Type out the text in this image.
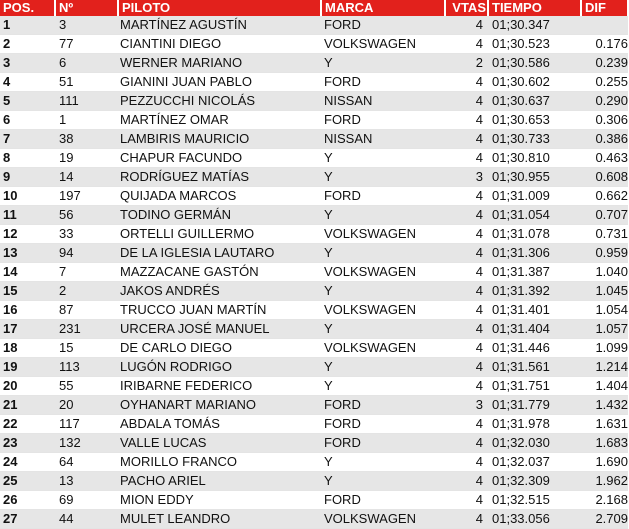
POS.	Nº	PILOTO	MARCA	VTAS	TIEMPO	DIF
1	3	MARTÍNEZ AGUSTÍN	FORD	4	01;30.347	
2	77	CIANTINI DIEGO	VOLKSWAGEN	4	01;30.523	0.176
3	6	WERNER MARIANO	Y	2	01;30.586	0.239
4	51	GIANINI JUAN PABLO	FORD	4	01;30.602	0.255
5	111	PEZZUCCHI NICOLÁS	NISSAN	4	01;30.637	0.290
6	1	MARTÍNEZ OMAR	FORD	4	01;30.653	0.306
7	38	LAMBIRIS MAURICIO	NISSAN	4	01;30.733	0.386
8	19	CHAPUR FACUNDO	Y	4	01;30.810	0.463
9	14	RODRÍGUEZ MATÍAS	Y	3	01;30.955	0.608
10	197	QUIJADA MARCOS	FORD	4	01;31.009	0.662
11	56	TODINO GERMÁN	Y	4	01;31.054	0.707
12	33	ORTELLI GUILLERMO	VOLKSWAGEN	4	01;31.078	0.731
13	94	DE LA IGLESIA LAUTARO	Y	4	01;31.306	0.959
14	7	MAZZACANE GASTÓN	VOLKSWAGEN	4	01;31.387	1.040
15	2	JAKOS ANDRÉS	Y	4	01;31.392	1.045
16	87	TRUCCO JUAN MARTÍN	VOLKSWAGEN	4	01;31.401	1.054
17	231	URCERA JOSÉ MANUEL	Y	4	01;31.404	1.057
18	15	DE CARLO DIEGO	VOLKSWAGEN	4	01;31.446	1.099
19	113	LUGÓN RODRIGO	Y	4	01;31.561	1.214
20	55	IRIBARNE FEDERICO	Y	4	01;31.751	1.404
21	20	OYHANART MARIANO	FORD	3	01;31.779	1.432
22	117	ABDALA TOMÁS	FORD	4	01;31.978	1.631
23	132	VALLE LUCAS	FORD	4	01;32.030	1.683
24	64	MORILLO FRANCO	Y	4	01;32.037	1.690
25	13	PACHO ARIEL	Y	4	01;32.309	1.962
26	69	MION EDDY	FORD	4	01;32.515	2.168
27	44	MULET LEANDRO	VOLKSWAGEN	4	01;33.056	2.709
